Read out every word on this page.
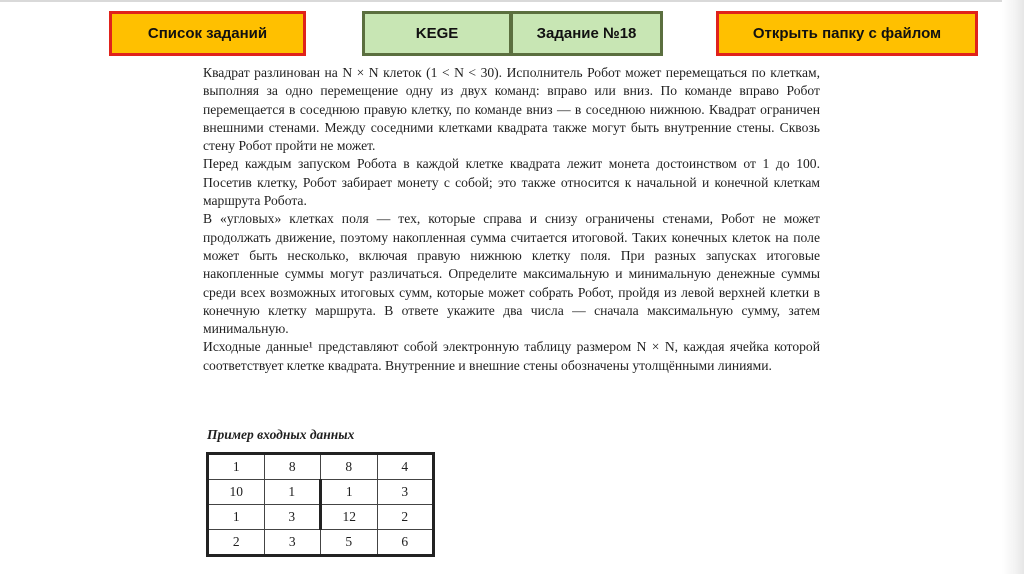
Список заданий	KEGE	Задание №18	Открыть папку с файлом

Квадрат разлинован на N × N клеток (1 < N < 30). Исполнитель Робот может перемещаться по клеткам, выполняя за одно перемещение одну из двух команд: вправо или вниз. По команде вправо Робот перемещается в соседнюю правую клетку, по команде вниз — в соседнюю нижнюю. Квадрат ограничен внешними стенами. Между соседними клетками квадрата также могут быть внутренние стены. Сквозь стену Робот пройти не может.

Перед каждым запуском Робота в каждой клетке квадрата лежит монета достоинством от 1 до 100. Посетив клетку, Робот забирает монету с собой; это также относится к начальной и конечной клеткам маршрута Робота.

В «угловых» клетках поля — тех, которые справа и снизу ограничены стенами, Робот не может продолжать движение, поэтому накопленная сумма считается итоговой. Таких конечных клеток на поле может быть несколько, включая правую нижнюю клетку поля. При разных запусках итоговые накопленные суммы могут различаться. Определите максимальную и минимальную денежные суммы среди всех возможных итоговых сумм, которые может собрать Робот, пройдя из левой верхней клетки в конечную клетку маршрута. В ответе укажите два числа — сначала максимальную сумму, затем минимальную.

Исходные данные¹ представляют собой электронную таблицу размером N × N, каждая ячейка которой соответствует клетке квадрата. Внутренние и внешние стены обозначены утолщёнными линиями.

Пример входных данных
1	8	8	4
10	1	1	3
1	3	12	2
2	3	5	6
